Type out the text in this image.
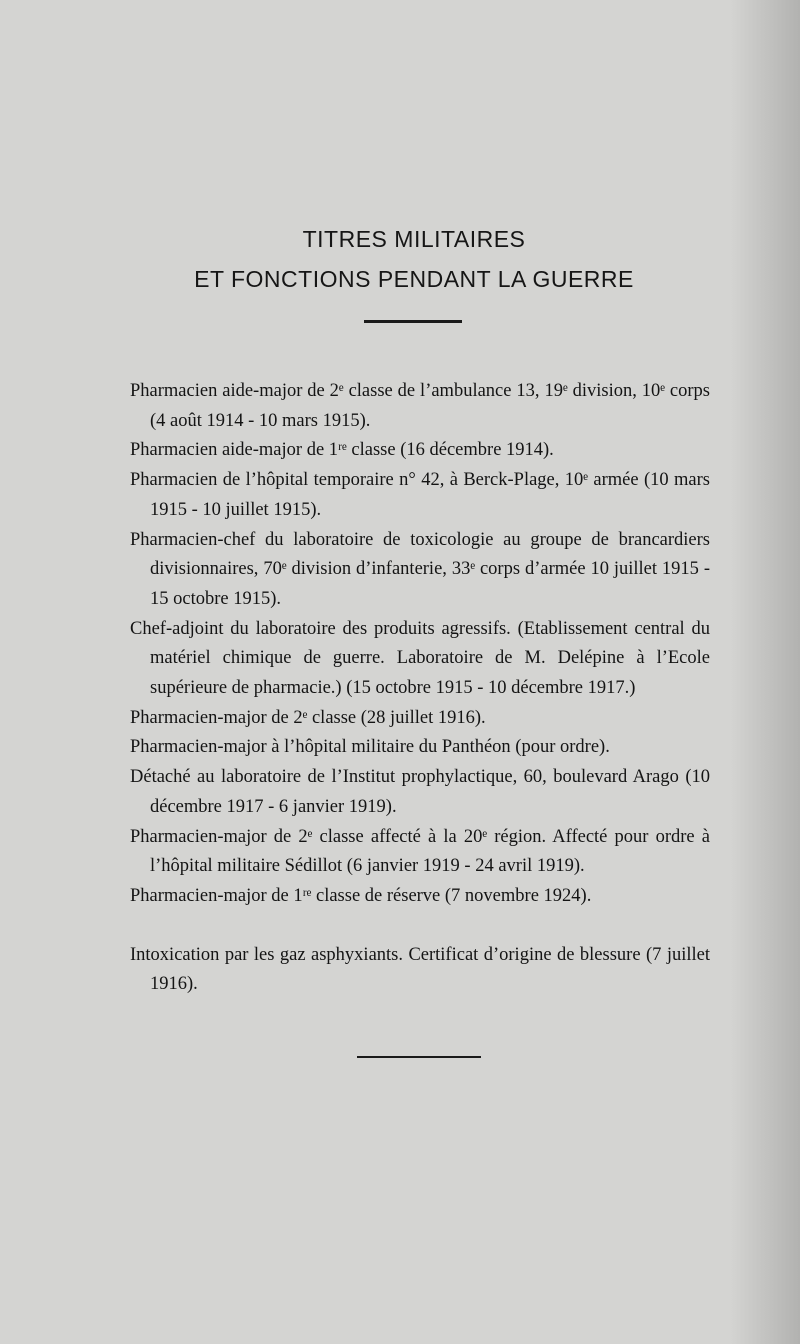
TITRES MILITAIRES
ET FONCTIONS PENDANT LA GUERRE
Pharmacien aide-major de 2ᵉ classe de l’ambulance 13, 19ᵉ division, 10ᵉ corps (4 août 1914 - 10 mars 1915).
Pharmacien aide-major de 1ʳᵉ classe (16 décembre 1914).
Pharmacien de l’hôpital temporaire n° 42, à Berck-Plage, 10ᵉ armée (10 mars 1915 - 10 juillet 1915).
Pharmacien-chef du laboratoire de toxicologie au groupe de brancardiers divisionnaires, 70ᵉ division d’infanterie, 33ᵉ corps d’armée 10 juillet 1915 - 15 octobre 1915).
Chef-adjoint du laboratoire des produits agressifs. (Etablissement central du matériel chimique de guerre. Laboratoire de M. Delépine à l’Ecole supérieure de pharmacie.) (15 octobre 1915 - 10 décembre 1917.)
Pharmacien-major de 2ᵉ classe (28 juillet 1916).
Pharmacien-major à l’hôpital militaire du Panthéon (pour ordre).
Détaché au laboratoire de l’Institut prophylactique, 60, boulevard Arago (10 décembre 1917 - 6 janvier 1919).
Pharmacien-major de 2ᵉ classe affecté à la 20ᵉ région. Affecté pour ordre à l’hôpital militaire Sédillot (6 janvier 1919 - 24 avril 1919).
Pharmacien-major de 1ʳᵉ classe de réserve (7 novembre 1924).
Intoxication par les gaz asphyxiants. Certificat d’origine de blessure (7 juillet 1916).
